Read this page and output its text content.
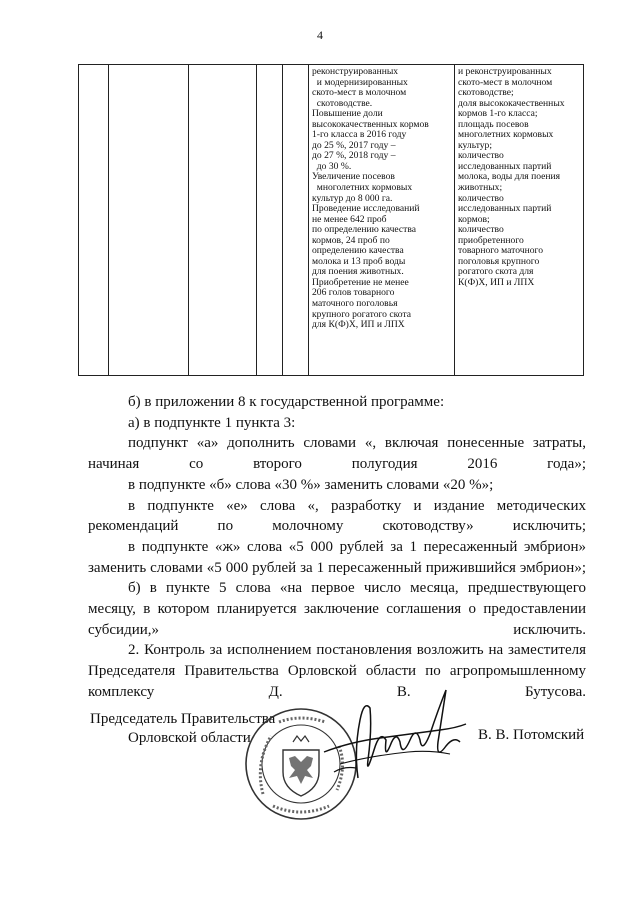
4
реконструированных
и модернизированных
ското-мест в молочном
скотоводстве.
Повышение доли
высококачественных кормов
1-го класса в 2016 году
до 25 %, 2017 году –
до 27 %, 2018 году –
до 30 %.
Увеличение посевов
многолетних кормовых
культур до 8 000 га.
Проведение исследований
не менее 642 проб
по определению качества
кормов, 24 проб по
определению качества
молока и 13 проб воды
для поения животных.
Приобретение не менее
206 голов товарного
маточного поголовья
крупного рогатого скота
для К(Ф)Х, ИП и ЛПХ
и реконструированных
ското-мест в молочном
скотоводстве;
доля высококачественных
кормов 1-го класса;
площадь посевов
многолетних кормовых
культур;
количество
исследованных партий
молока, воды для поения
животных;
количество
исследованных партий
кормов;
количество
приобретенного
товарного маточного
поголовья крупного
рогатого скота для
К(Ф)Х, ИП и ЛПХ

б) в приложении 8 к государственной программе:

а) в подпункте 1 пункта 3:

подпункт «а» дополнить словами «, включая понесенные затраты, начиная со второго полугодия 2016 года»;

в подпункте «б» слова «30 %» заменить словами «20 %»;

в подпункте «е» слова «, разработку и издание методических рекомендаций по молочному скотоводству» исключить;

в подпункте «ж» слова «5 000 рублей за 1 пересаженный эмбрион» заменить словами «5 000 рублей за 1 пересаженный прижившийся эмбрион»;

б) в пункте 5 слова «на первое число месяца, предшествующего месяцу, в котором планируется заключение соглашения о предоставлении субсидии,» исключить.

2. Контроль за исполнением постановления возложить на заместителя Председателя Правительства Орловской области по агропромышленному комплексу Д. В. Бутусова.

Председатель Правительства
Орловской области	В. В. Потомский
